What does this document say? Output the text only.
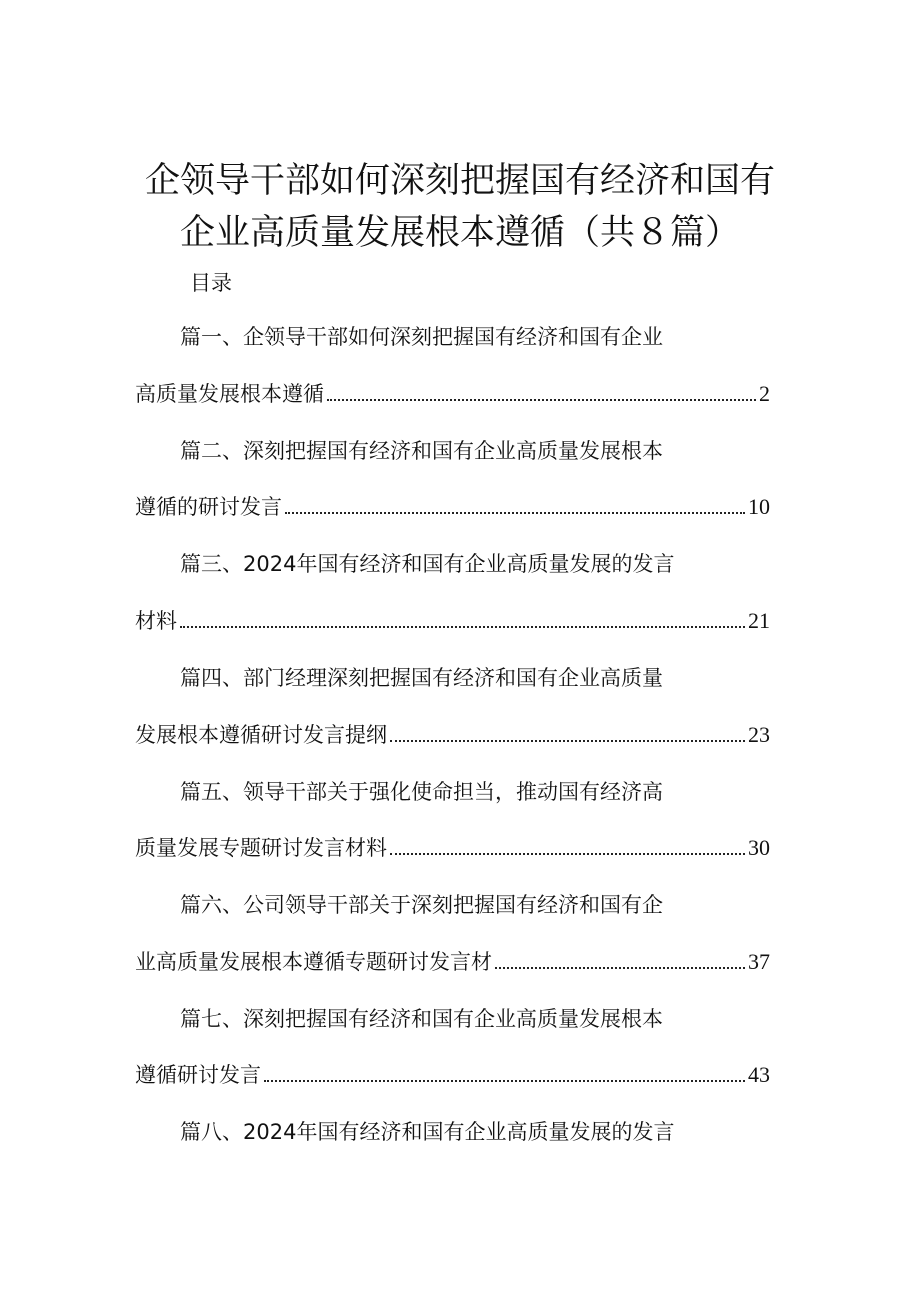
企领导干部如何深刻把握国有经济和国有
企业高质量发展根本遵循（共８篇）
目录
篇一、企领导干部如何深刻把握国有经济和国有企业
高质量发展根本遵循	2
篇二、深刻把握国有经济和国有企业高质量发展根本
遵循的研讨发言	10
篇三、2024年国有经济和国有企业高质量发展的发言
材料	21
篇四、部门经理深刻把握国有经济和国有企业高质量
发展根本遵循研讨发言提纲	23
篇五、领导干部关于强化使命担当，推动国有经济高
质量发展专题研讨发言材料	30
篇六、公司领导干部关于深刻把握国有经济和国有企
业高质量发展根本遵循专题研讨发言材	37
篇七、深刻把握国有经济和国有企业高质量发展根本
遵循研讨发言	43
篇八、2024年国有经济和国有企业高质量发展的发言
